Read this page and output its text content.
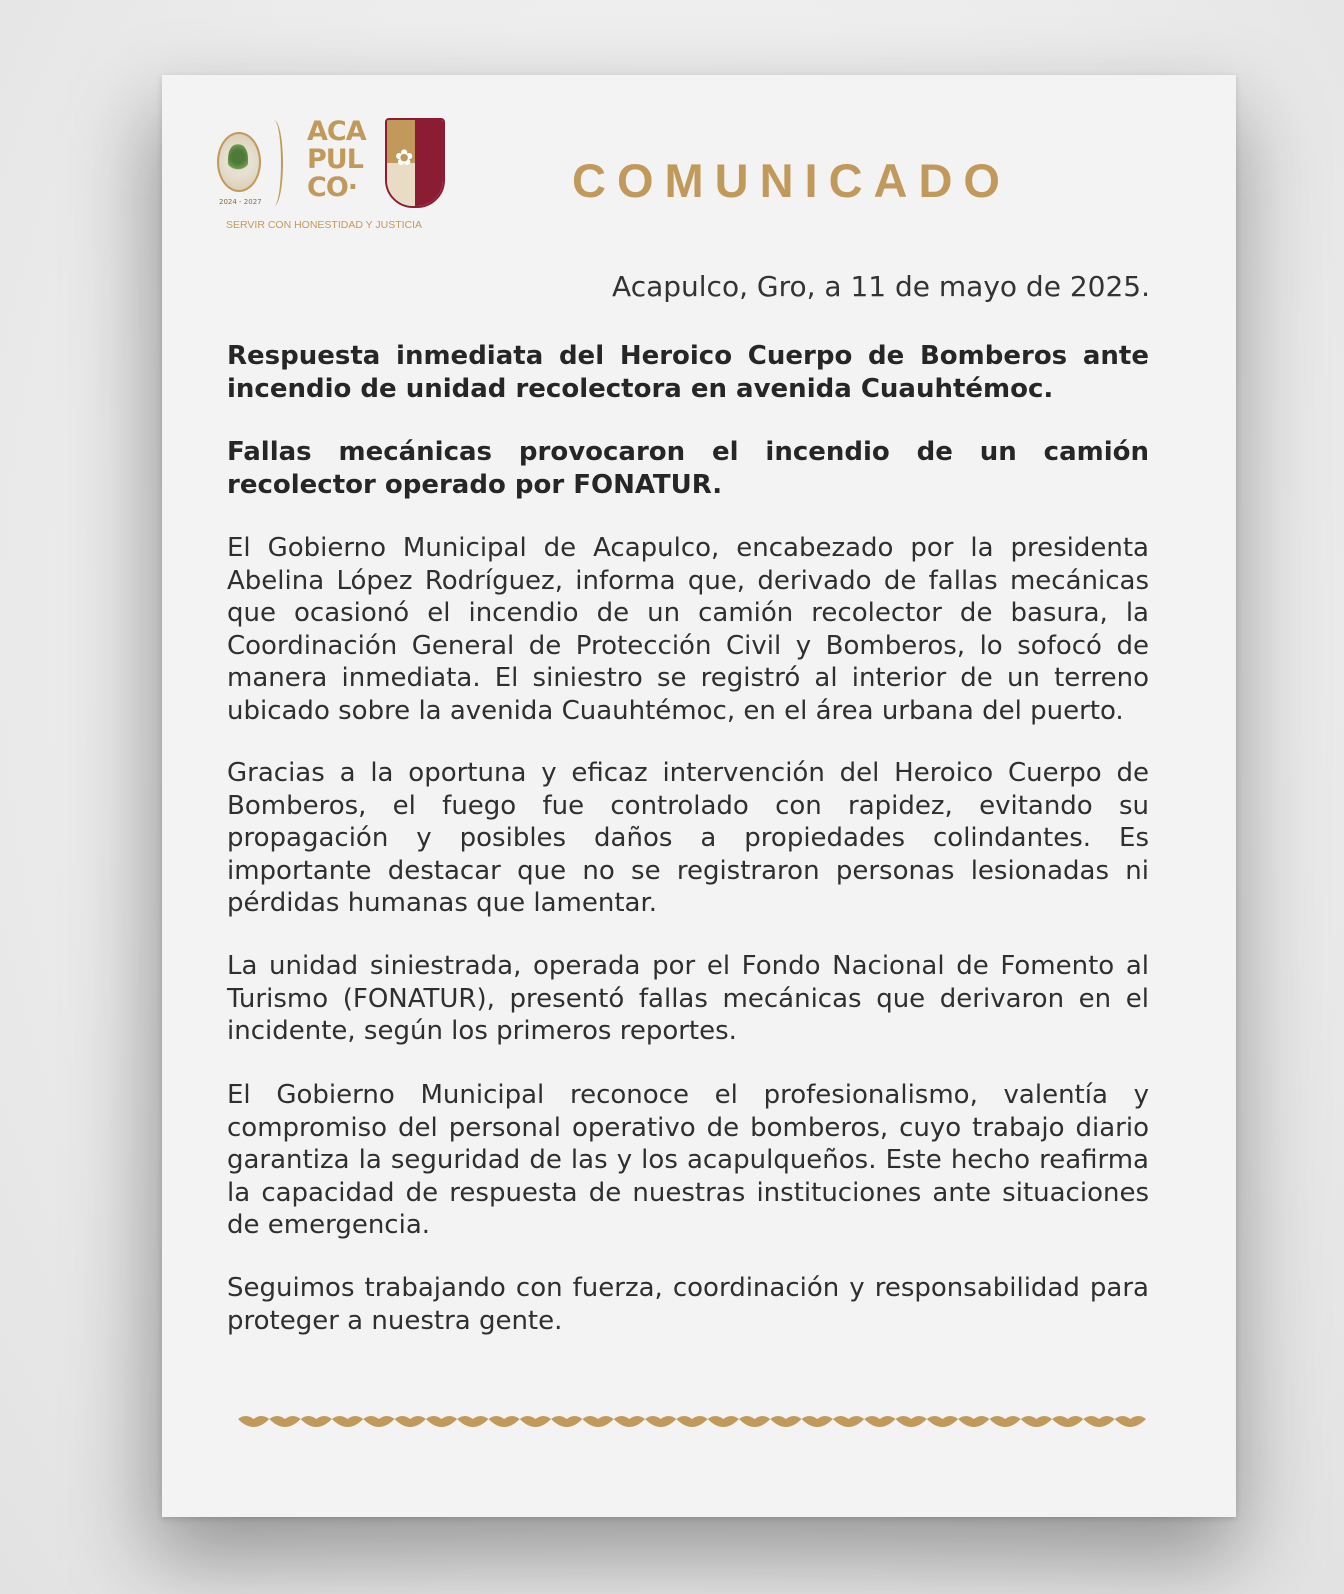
2024 - 2027
ACA
PUL
CO·
✿
SERVIR CON HONESTIDAD Y JUSTICIA
COMUNICADO
Acapulco, Gro, a 11 de mayo de 2025.
Respuesta inmediata del Heroico Cuerpo de Bomberos ante incendio de unidad recolectora en avenida Cuauhtémoc.
Fallas mecánicas provocaron el incendio de un camión recolector operado por FONATUR.
El Gobierno Municipal de Acapulco, encabezado por la presidenta Abelina López Rodríguez, informa que, derivado de fallas mecánicas que ocasionó el incendio de un camión recolector de basura, la Coordinación General de Protección Civil y Bomberos, lo sofocó de manera inmediata. El siniestro se registró al interior de un terreno ubicado sobre la avenida Cuauhtémoc, en el área urbana del puerto.
Gracias a la oportuna y eficaz intervención del Heroico Cuerpo de Bomberos, el fuego fue controlado con rapidez, evitando su propagación y posibles daños a propiedades colindantes. Es importante destacar que no se registraron personas lesionadas ni pérdidas humanas que lamentar.
La unidad siniestrada, operada por el Fondo Nacional de Fomento al Turismo (FONATUR), presentó fallas mecánicas que derivaron en el incidente, según los primeros reportes.
El Gobierno Municipal reconoce el profesionalismo, valentía y compromiso del personal operativo de bomberos, cuyo trabajo diario garantiza la seguridad de las y los acapulqueños. Este hecho reafirma la capacidad de respuesta de nuestras instituciones ante situaciones de emergencia.
Seguimos trabajando con fuerza, coordinación y responsabilidad para proteger a nuestra gente.
